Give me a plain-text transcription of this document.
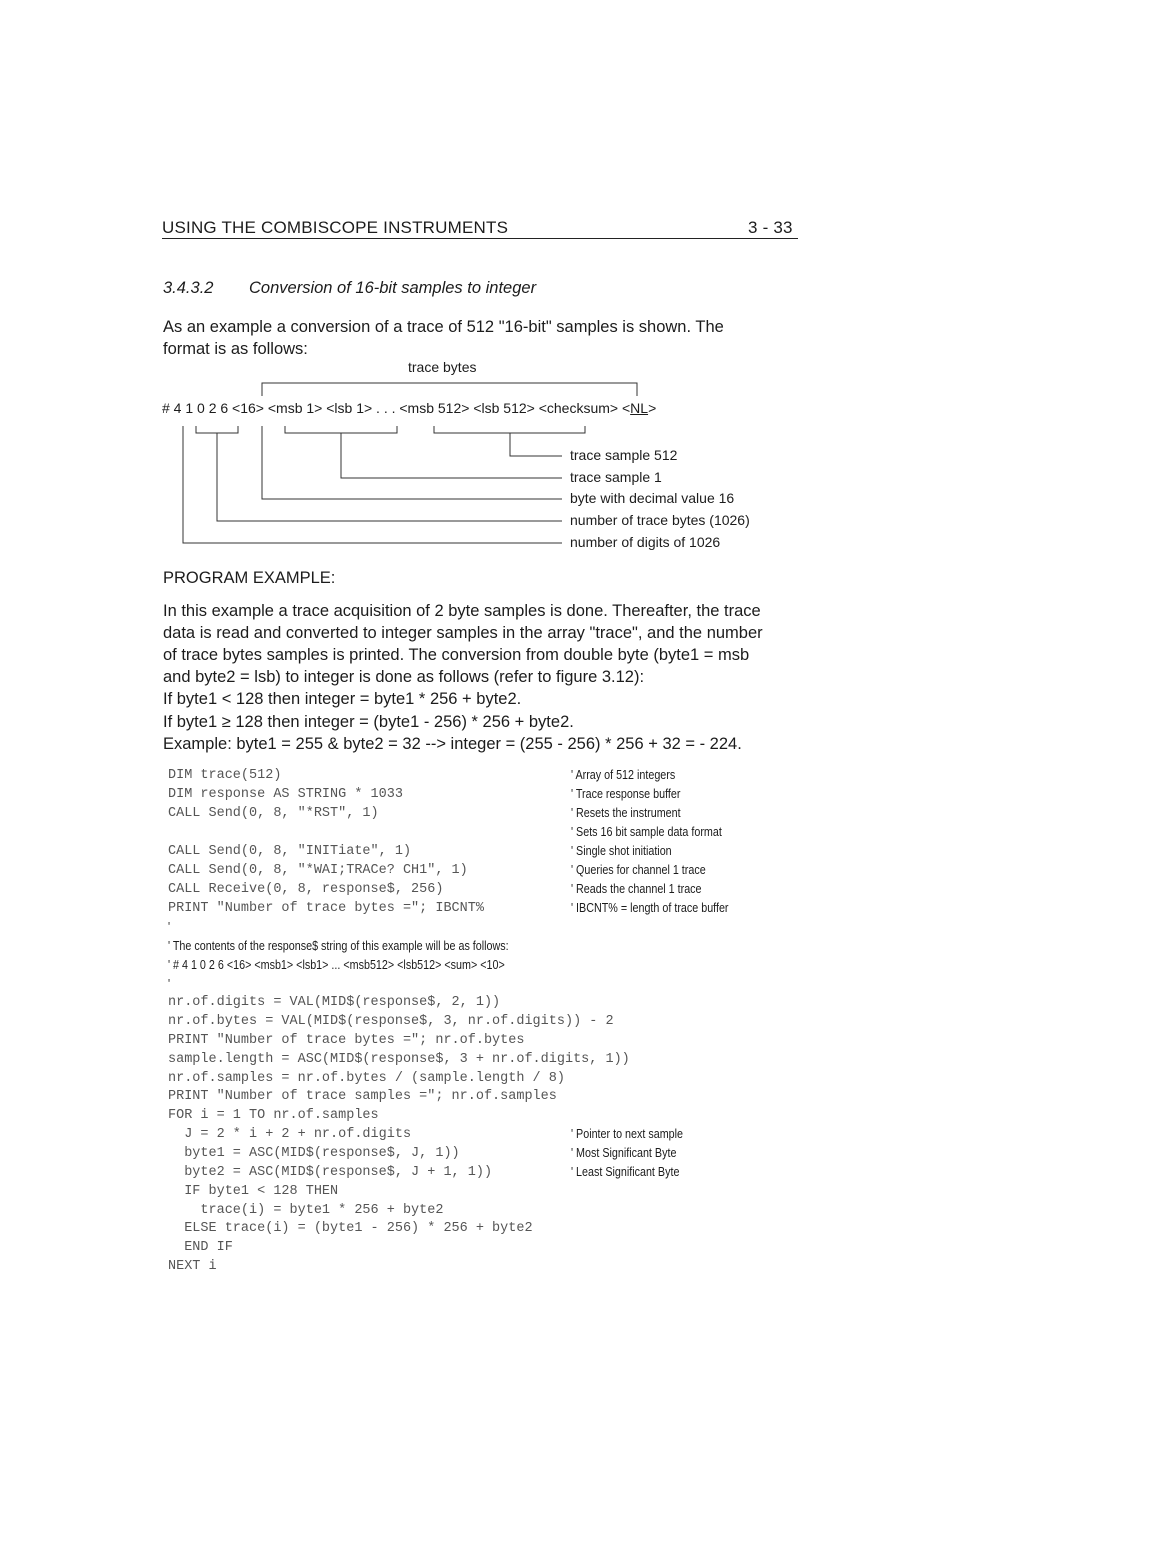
USING THE COMBISCOPE INSTRUMENTS	3 - 33
3.4.3.2 Conversion of 16-bit samples to integer
As an example a conversion of a trace of 512 "16-bit" samples is shown. The
format is as follows:
trace bytes
# 4 1 0 2 6 <16> <msb 1> <lsb 1> . . . <msb 512> <lsb 512> <checksum> <NL>
trace sample 512
trace sample 1
byte with decimal value 16
number of trace bytes (1026)
number of digits of 1026
PROGRAM EXAMPLE:
In this example a trace acquisition of 2 byte samples is done. Thereafter, the trace
data is read and converted to integer samples in the array "trace", and the number
of trace bytes samples is printed. The conversion from double byte (byte1 = msb
and byte2 = lsb) to integer is done as follows (refer to figure 3.12):
If byte1 < 128 then integer = byte1 * 256 + byte2.
If byte1 ≥ 128 then integer = (byte1 - 256) * 256 + byte2.
Example: byte1 = 255 & byte2 = 32 --> integer = (255 - 256) * 256 + 32 = - 224.
DIM trace(512)	' Array of 512 integers
DIM response AS STRING * 1033	' Trace response buffer
CALL Send(0, 8, "*RST", 1)	' Resets the instrument
' Sets 16 bit sample data format
CALL Send(0, 8, "INITiate", 1)	' Single shot initiation
CALL Send(0, 8, "*WAI;TRACe? CH1", 1)	' Queries for channel 1 trace
CALL Receive(0, 8, response$, 256)	' Reads the channel 1 trace
PRINT "Number of trace bytes ="; IBCNT%	' IBCNT% = length of trace buffer
'
' The contents of the response$ string of this example will be as follows:
' # 4 1 0 2 6 <16> <msb1> <lsb1> ... <msb512> <lsb512> <sum> <10>
'
nr.of.digits = VAL(MID$(response$, 2, 1))
nr.of.bytes = VAL(MID$(response$, 3, nr.of.digits)) - 2
PRINT "Number of trace bytes ="; nr.of.bytes
sample.length = ASC(MID$(response$, 3 + nr.of.digits, 1))
nr.of.samples = nr.of.bytes / (sample.length / 8)
PRINT "Number of trace samples ="; nr.of.samples
FOR i = 1 TO nr.of.samples
J = 2 * i + 2 + nr.of.digits	' Pointer to next sample
byte1 = ASC(MID$(response$, J, 1))	' Most Significant Byte
byte2 = ASC(MID$(response$, J + 1, 1))	' Least Significant Byte
IF byte1 < 128 THEN
trace(i) = byte1 * 256 + byte2
ELSE trace(i) = (byte1 - 256) * 256 + byte2
END IF
NEXT i
